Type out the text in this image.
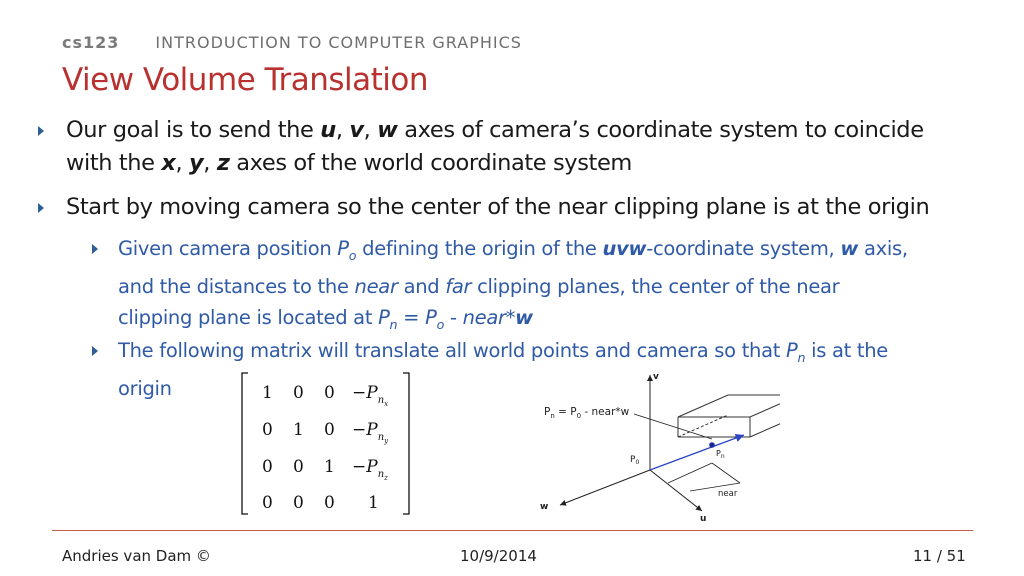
cs123 INTRODUCTION TO COMPUTER GRAPHICS
View Volume Translation
Our goal is to send the u, v, w axes of camera’s coordinate system to coincide
with the x, y, z axes of the world coordinate system
Start by moving camera so the center of the near clipping plane is at the origin
Given camera position $P_o$ defining the origin of the uvw-coordinate system, w axis,
and the distances to the near and far clipping planes, the center of the near
clipping plane is located at $P_n = P_o$ - near*w
The following matrix will translate all world points and camera so that $P_n$ is at the
origin	1 0 $0 -P_nx$
0 1 $0 -P_ny$
0 0 $1 -P_nz$
0 0 0 1
$P_n = P_0$ - near*w
v
w
u
$P_0$
$P_n$
near
Andries van Dam ©	10/9/2014	11 / 51
